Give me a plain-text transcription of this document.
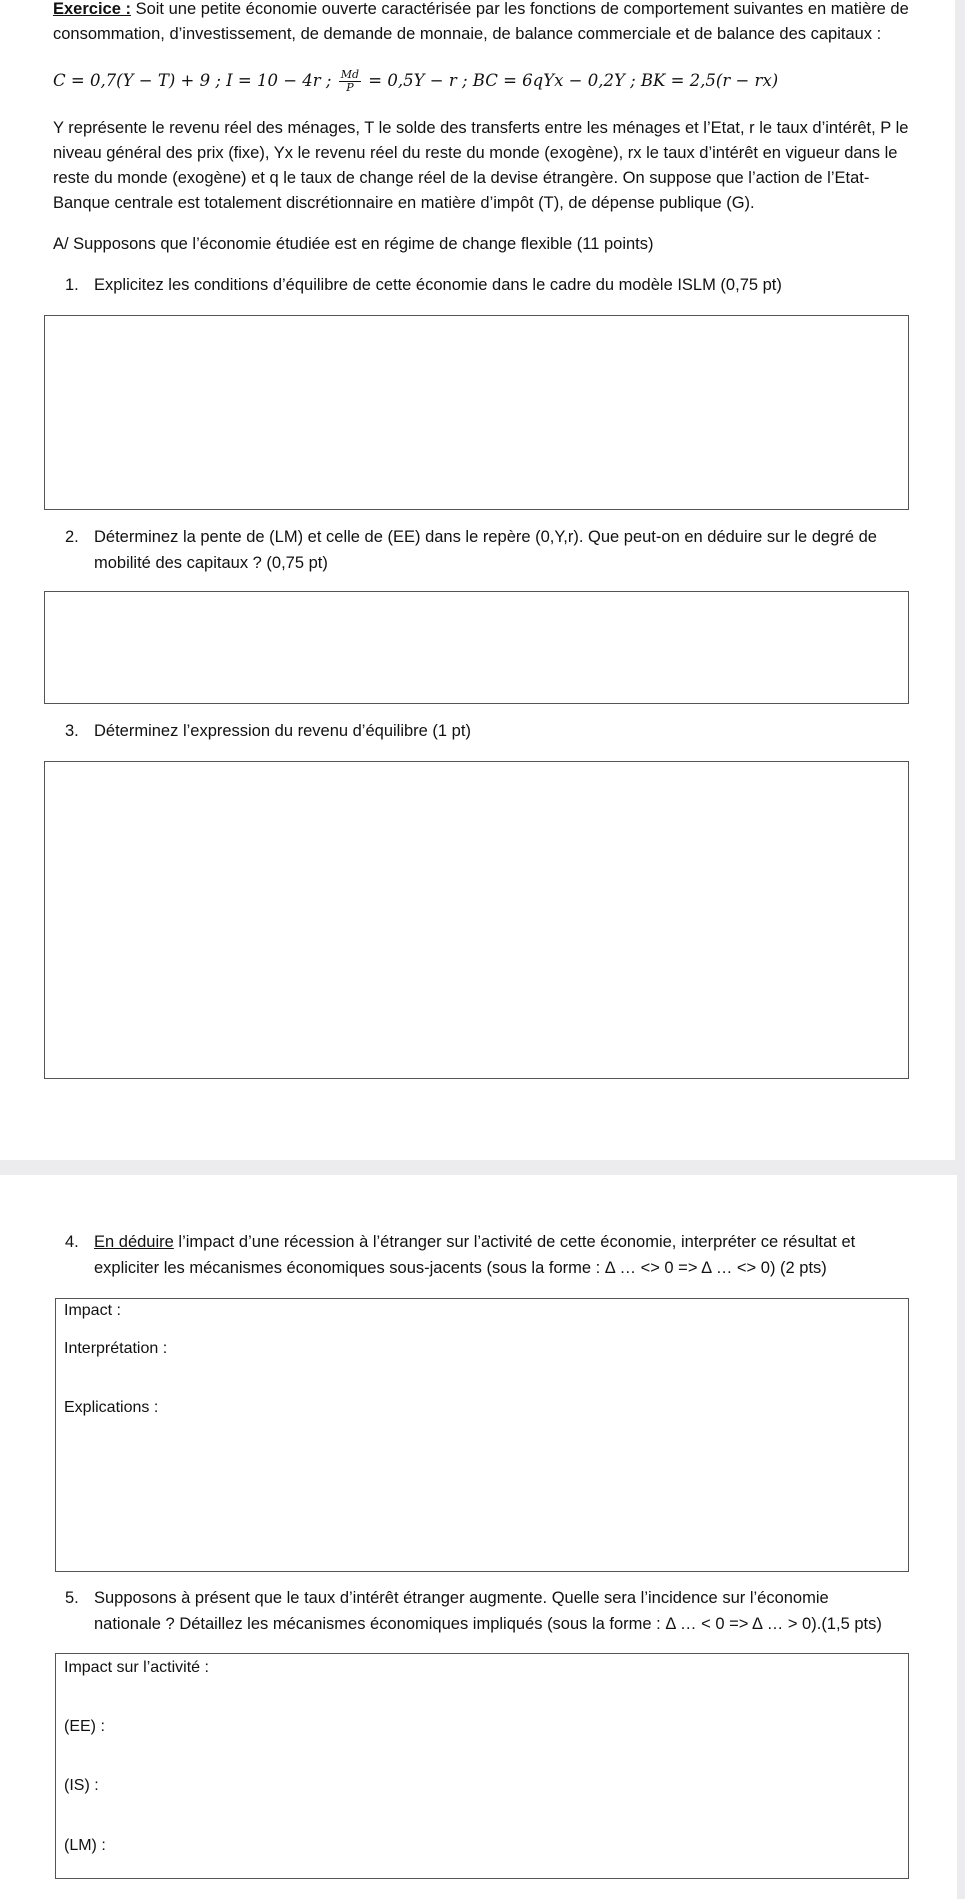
Exercice : Soit une petite économie ouverte caractérisée par les fonctions de comportement suivantes en matière de consommation, d’investissement, de demande de monnaie, de balance commerciale et de balance des capitaux :
C = 0,7(Y − T) + 9 ; I = 10 − 4r ; $\frac{Md}{P} = 0,5Y - r$ ; BC = 6qYx − 0,2Y ; BK = 2,5(r − rx)
Y représente le revenu réel des ménages, T le solde des transferts entre les ménages et l’Etat, r le taux d’intérêt, P le
niveau général des prix (fixe), Yx le revenu réel du reste du monde (exogène), rx le taux d’intérêt en vigueur dans le
reste du monde (exogène) et q le taux de change réel de la devise étrangère. On suppose que l’action de l’Etat-
Banque centrale est totalement discrétionnaire en matière d’impôt (T), de dépense publique (G).
A/ Supposons que l’économie étudiée est en régime de change flexible (11 points)
1. Explicitez les conditions d’équilibre de cette économie dans le cadre du modèle ISLM (0,75 pt)
2. Déterminez la pente de (LM) et celle de (EE) dans le repère (0,Y,r). Que peut-on en déduire sur le degré de
mobilité des capitaux ? (0,75 pt)
3. Déterminez l’expression du revenu d’équilibre (1 pt)
4. En déduire l’impact d’une récession à l’étranger sur l’activité de cette économie, interpréter ce résultat et
expliciter les mécanismes économiques sous-jacents (sous la forme : Δ … <> 0 => Δ … <> 0) (2 pts)
Impact :
Interprétation :
Explications :
5. Supposons à présent que le taux d’intérêt étranger augmente. Quelle sera l’incidence sur l’économie
nationale ? Détaillez les mécanismes économiques impliqués (sous la forme : Δ … < 0 => Δ … > 0).(1,5 pts)
Impact sur l’activité :
(EE) :
(IS) :
(LM) :
